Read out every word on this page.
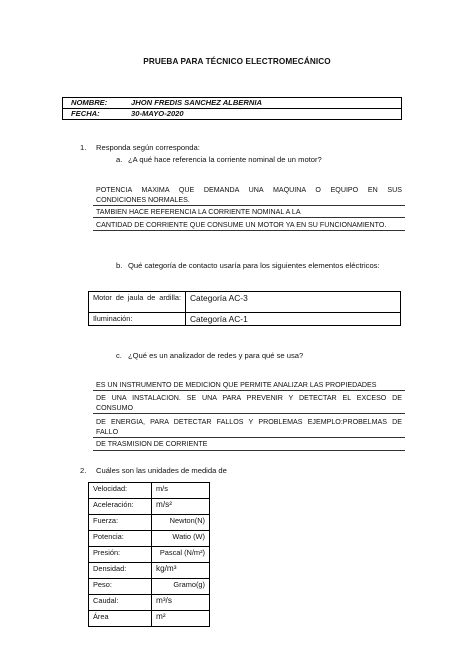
PRUEBA PARA TÉCNICO ELECTROMECÁNICO
NOMBRE:	JHON FREDIS SANCHEZ ALBERNIA
FECHA:	30-MAYO-2020
1. Responda según corresponda:
a. ¿A qué hace referencia la corriente nominal de un motor?
POTENCIA MAXIMA QUE DEMANDA UNA MAQUINA O EQUIPO EN SUS
CONDICIONES NORMALES.
TAMBIEN HACE REFERENCIA LA CORRIENTE NOMINAL A LA
CANTIDAD DE CORRIENTE QUE CONSUME UN MOTOR YA EN SU FUNCIONAMIENTO.
b. Qué categoría de contacto usaría para los siguientes elementos eléctricos:
Motor de jaula de ardilla:	Categoría AC-3
Iluminación:	Categoría AC-1
c. ¿Qué es un analizador de redes y para qué se usa?
ES UN INSTRUMENTO DE MEDICION QUE PERMITE ANALIZAR LAS PROPIEDADES
DE UNA INSTALACION. SE UNA PARA PREVENIR Y DETECTAR EL EXCESO DE
CONSUMO
DE ENERGIA, PARA DETECTAR FALLOS Y PROBLEMAS EJEMPLO:PROBELMAS DE
FALLO
DE TRASMISION DE CORRIENTE
2. Cuáles son las unidades de medida de
Velocidad:	m/s
Aceleración:	m/s²
Fuerza:	Newton(N)
Potencia:	Watio (W)
Presión:	Pascal (N/m²)
Densidad:	kg/m³
Peso:	Gramo(g)
Caudal:	m³/s
Área	m²
